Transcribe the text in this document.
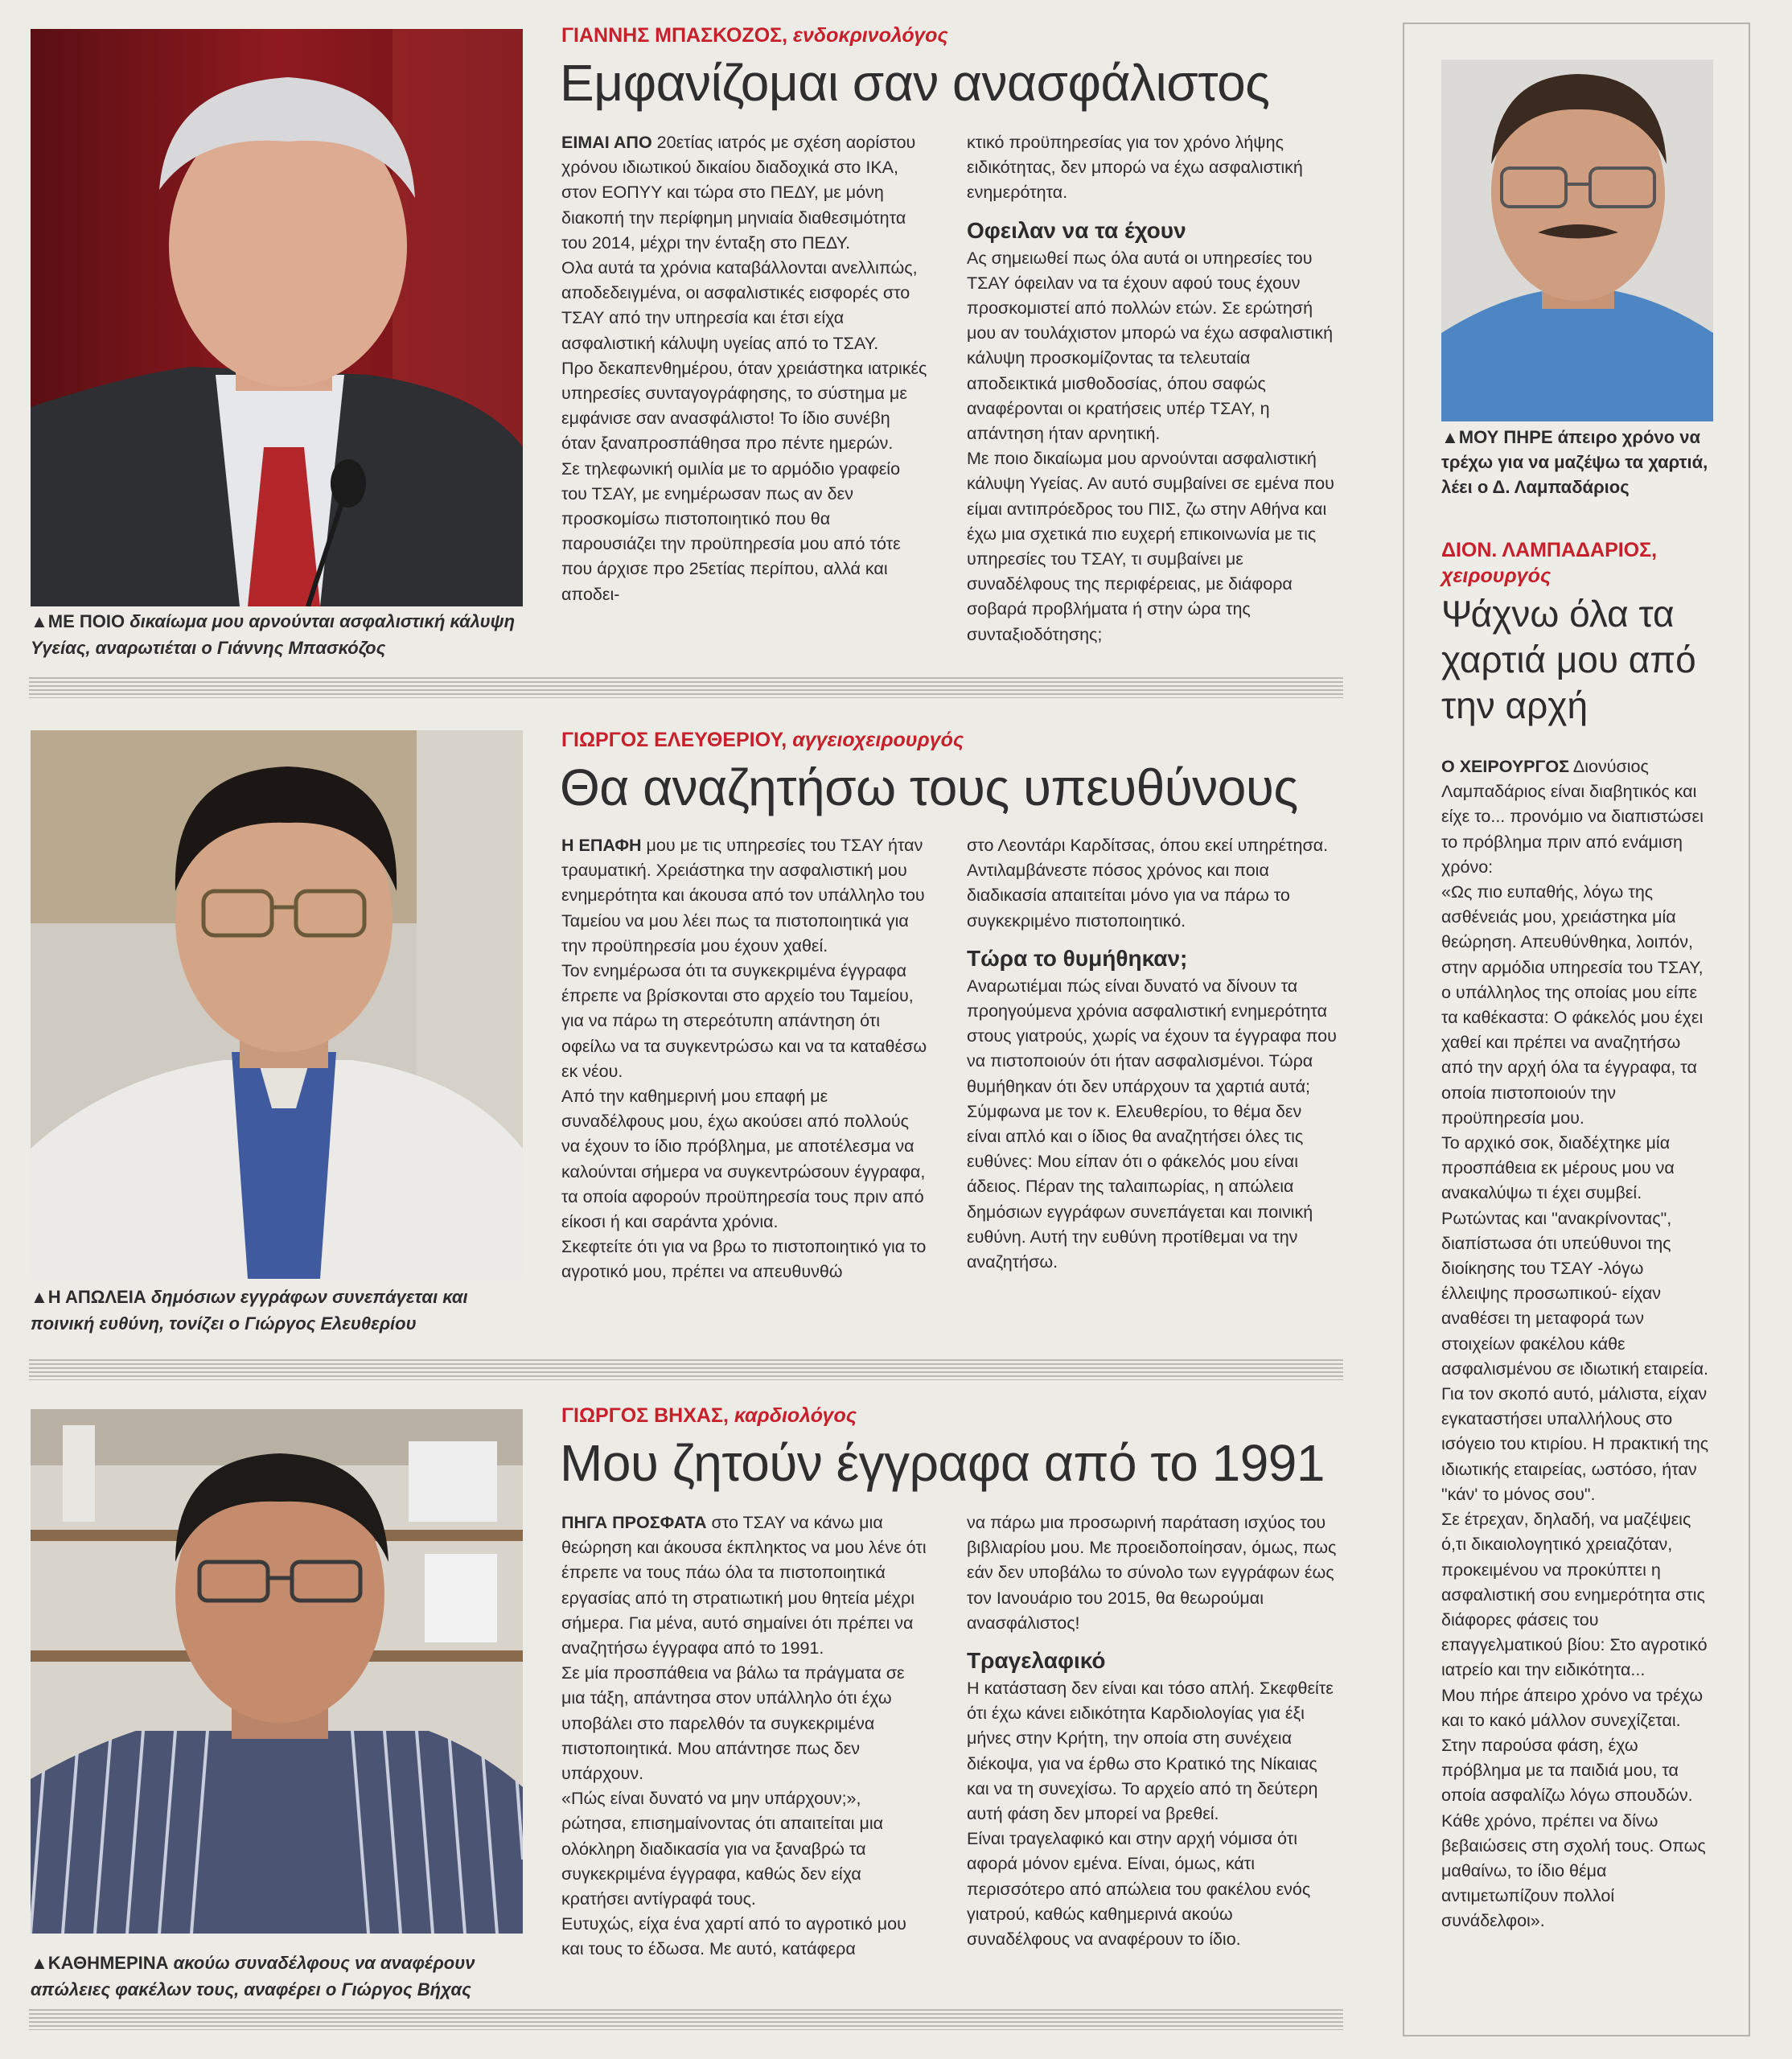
▲ΜΕ ΠΟΙΟ δικαίωμα μου αρνούνται ασφαλιστική κάλυψη Υγείας, αναρωτιέται ο Γιάννης Μπασκόζος
ΓΙΑΝΝΗΣ ΜΠΑΣΚΟΖΟΣ, ενδοκρινολόγος
Εμφανίζομαι σαν ανασφάλιστος

ΕΙΜΑΙ ΑΠΟ 20ετίας ιατρός με σχέση αορίστου χρόνου ιδιωτικού δικαίου διαδοχικά στο ΙΚΑ, στον ΕΟΠΥΥ και τώρα στο ΠΕΔΥ, με μόνη διακοπή την περίφημη μηνιαία διαθεσιμότητα του 2014, μέχρι την ένταξη στο ΠΕΔΥ.

Ολα αυτά τα χρόνια καταβάλλονται ανελλιπώς, αποδεδειγμένα, οι ασφαλιστικές εισφορές στο ΤΣΑΥ από την υπηρεσία και έτσι είχα ασφαλιστική κάλυψη υγείας από το ΤΣΑΥ.

Προ δεκαπενθημέρου, όταν χρειάστηκα ιατρικές υπηρεσίες συνταγογράφησης, το σύστημα με εμφάνισε σαν ανασφάλιστο! Το ίδιο συνέβη όταν ξαναπροσπάθησα προ πέντε ημερών.

Σε τηλεφωνική ομιλία με το αρμόδιο γραφείο του ΤΣΑΥ, με ενημέρωσαν πως αν δεν προσκομίσω πιστοποιητικό που θα παρουσιάζει την προϋπηρεσία μου από τότε που άρχισε προ 25ετίας περίπου, αλλά και αποδει-

κτικό προϋπηρεσίας για τον χρόνο λήψης ειδικότητας, δεν μπορώ να έχω ασφαλιστική ενημερότητα.

Οφειλαν να τα έχουν

Ας σημειωθεί πως όλα αυτά οι υπηρεσίες του ΤΣΑΥ όφειλαν να τα έχουν αφού τους έχουν προσκομιστεί από πολλών ετών. Σε ερώτησή μου αν τουλάχιστον μπορώ να έχω ασφαλιστική κάλυψη προσκομίζοντας τα τελευταία αποδεικτικά μισθοδοσίας, όπου σαφώς αναφέρονται οι κρατήσεις υπέρ ΤΣΑΥ, η απάντηση ήταν αρνητική.

Με ποιο δικαίωμα μου αρνούνται ασφαλιστική κάλυψη Υγείας. Αν αυτό συμβαίνει σε εμένα που είμαι αντιπρόεδρος του ΠΙΣ, ζω στην Αθήνα και έχω μια σχετικά πιο ευχερή επικοινωνία με τις υπηρεσίες του ΤΣΑΥ, τι συμβαίνει με συναδέλφους της περιφέρειας, με διάφορα σοβαρά προβλήματα ή στην ώρα της συνταξιοδότησης;

▲Η ΑΠΩΛΕΙΑ δημόσιων εγγράφων συνεπάγεται και ποινική ευθύνη, τονίζει ο Γιώργος Ελευθερίου
ΓΙΩΡΓΟΣ ΕΛΕΥΘΕΡΙΟΥ, αγγειοχειρουργός
Θα αναζητήσω τους υπευθύνους

Η ΕΠΑΦΗ μου με τις υπηρεσίες του ΤΣΑΥ ήταν τραυματική. Χρειάστηκα την ασφαλιστική μου ενημερότητα και άκουσα από τον υπάλληλο του Ταμείου να μου λέει πως τα πιστοποιητικά για την προϋπηρεσία μου έχουν χαθεί.

Τον ενημέρωσα ότι τα συγκεκριμένα έγγραφα έπρεπε να βρίσκονται στο αρχείο του Ταμείου, για να πάρω τη στερεότυπη απάντηση ότι οφείλω να τα συγκεντρώσω και να τα καταθέσω εκ νέου.

Από την καθημερινή μου επαφή με συναδέλφους μου, έχω ακούσει από πολλούς να έχουν το ίδιο πρόβλημα, με αποτέλεσμα να καλούνται σήμερα να συγκεντρώσουν έγγραφα, τα οποία αφορούν προϋπηρεσία τους πριν από είκοσι ή και σαράντα χρόνια.

Σκεφτείτε ότι για να βρω το πιστοποιητικό για το αγροτικό μου, πρέπει να απευθυνθώ

στο Λεοντάρι Καρδίτσας, όπου εκεί υπηρέτησα.

Αντιλαμβάνεστε πόσος χρόνος και ποια διαδικασία απαιτείται μόνο για να πάρω το συγκεκριμένο πιστοποιητικό.

Τώρα το θυμήθηκαν;

Αναρωτιέμαι πώς είναι δυνατό να δίνουν τα προηγούμενα χρόνια ασφαλιστική ενημερότητα στους γιατρούς, χωρίς να έχουν τα έγγραφα που να πιστοποιούν ότι ήταν ασφαλισμένοι. Τώρα θυμήθηκαν ότι δεν υπάρχουν τα χαρτιά αυτά;

Σύμφωνα με τον κ. Ελευθερίου, το θέμα δεν είναι απλό και ο ίδιος θα αναζητήσει όλες τις ευθύνες: Μου είπαν ότι ο φάκελός μου είναι άδειος. Πέραν της ταλαιπωρίας, η απώλεια δημόσιων εγγράφων συνεπάγεται και ποινική ευθύνη. Αυτή την ευθύνη προτίθεμαι να την αναζητήσω.

▲ΚΑΘΗΜΕΡΙΝΑ ακούω συναδέλφους να αναφέρουν απώλειες φακέλων τους, αναφέρει ο Γιώργος Βήχας
ΓΙΩΡΓΟΣ ΒΗΧΑΣ, καρδιολόγος
Μου ζητούν έγγραφα από το 1991

ΠΗΓΑ ΠΡΟΣΦΑΤΑ στο ΤΣΑΥ να κάνω μια θεώρηση και άκουσα έκπληκτος να μου λένε ότι έπρεπε να τους πάω όλα τα πιστοποιητικά εργασίας από τη στρατιωτική μου θητεία μέχρι σήμερα. Για μένα, αυτό σημαίνει ότι πρέπει να αναζητήσω έγγραφα από το 1991.

Σε μία προσπάθεια να βάλω τα πράγματα σε μια τάξη, απάντησα στον υπάλληλο ότι έχω υποβάλει στο παρελθόν τα συγκεκριμένα πιστοποιητικά. Μου απάντησε πως δεν υπάρχουν.

«Πώς είναι δυνατό να μην υπάρχουν;», ρώτησα, επισημαίνοντας ότι απαιτείται μια ολόκληρη διαδικασία για να ξαναβρώ τα συγκεκριμένα έγγραφα, καθώς δεν είχα κρατήσει αντίγραφά τους.

Ευτυχώς, είχα ένα χαρτί από το αγροτικό μου και τους το έδωσα. Με αυτό, κατάφερα

να πάρω μια προσωρινή παράταση ισχύος του βιβλιαρίου μου. Με προειδοποίησαν, όμως, πως εάν δεν υποβάλω το σύνολο των εγγράφων έως τον Ιανουάριο του 2015, θα θεωρούμαι ανασφάλιστος!

Τραγελαφικό

Η κατάσταση δεν είναι και τόσο απλή. Σκεφθείτε ότι έχω κάνει ειδικότητα Καρδιολογίας για έξι μήνες στην Κρήτη, την οποία στη συνέχεια διέκοψα, για να έρθω στο Κρατικό της Νίκαιας και να τη συνεχίσω. Το αρχείο από τη δεύτερη αυτή φάση δεν μπορεί να βρεθεί.

Είναι τραγελαφικό και στην αρχή νόμισα ότι αφορά μόνον εμένα. Είναι, όμως, κάτι περισσότερο από απώλεια του φακέλου ενός γιατρού, καθώς καθημερινά ακούω συναδέλφους να αναφέρουν το ίδιο.

▲ΜΟΥ ΠΗΡΕ άπειρο χρόνο να τρέχω για να μαζέψω τα χαρτιά, λέει ο Δ. Λαμπαδάριος
ΔΙΟΝ. ΛΑΜΠΑΔΑΡΙΟΣ,
χειρουργός
Ψάχνω όλα τα χαρτιά μου από την αρχή

Ο ΧΕΙΡΟΥΡΓΟΣ Διονύσιος Λαμπαδάριος είναι διαβητικός και είχε το... προνόμιο να διαπιστώσει το πρόβλημα πριν από ενάμιση χρόνο:

«Ως πιο ευπαθής, λόγω της ασθένειάς μου, χρειάστηκα μία θεώρηση. Απευθύνθηκα, λοιπόν, στην αρμόδια υπηρεσία του ΤΣΑΥ, ο υπάλληλος της οποίας μου είπε τα καθέκαστα: Ο φάκελός μου έχει χαθεί και πρέπει να αναζητήσω από την αρχή όλα τα έγγραφα, τα οποία πιστοποιούν την προϋπηρεσία μου.

Το αρχικό σοκ, διαδέχτηκε μία προσπάθεια εκ μέρους μου να ανακαλύψω τι έχει συμβεί. Ρωτώντας και "ανακρίνοντας", διαπίστωσα ότι υπεύθυνοι της διοίκησης του ΤΣΑΥ -λόγω έλλειψης προσωπικού- είχαν αναθέσει τη μεταφορά των στοιχείων φακέλου κάθε ασφαλισμένου σε ιδιωτική εταιρεία.

Για τον σκοπό αυτό, μάλιστα, είχαν εγκαταστήσει υπαλλήλους στο ισόγειο του κτιρίου. Η πρακτική της ιδιωτικής εταιρείας, ωστόσο, ήταν "κάν' το μόνος σου".

Σε έτρεχαν, δηλαδή, να μαζέψεις ό,τι δικαιολογητικό χρειαζόταν, προκειμένου να προκύπτει η ασφαλιστική σου ενημερότητα στις διάφορες φάσεις του επαγγελματικού βίου: Στο αγροτικό ιατρείο και την ειδικότητα...

Μου πήρε άπειρο χρόνο να τρέχω και το κακό μάλλον συνεχίζεται. Στην παρούσα φάση, έχω πρόβλημα με τα παιδιά μου, τα οποία ασφαλίζω λόγω σπουδών. Κάθε χρόνο, πρέπει να δίνω βεβαιώσεις στη σχολή τους. Οπως μαθαίνω, το ίδιο θέμα αντιμετωπίζουν πολλοί συνάδελφοι».
